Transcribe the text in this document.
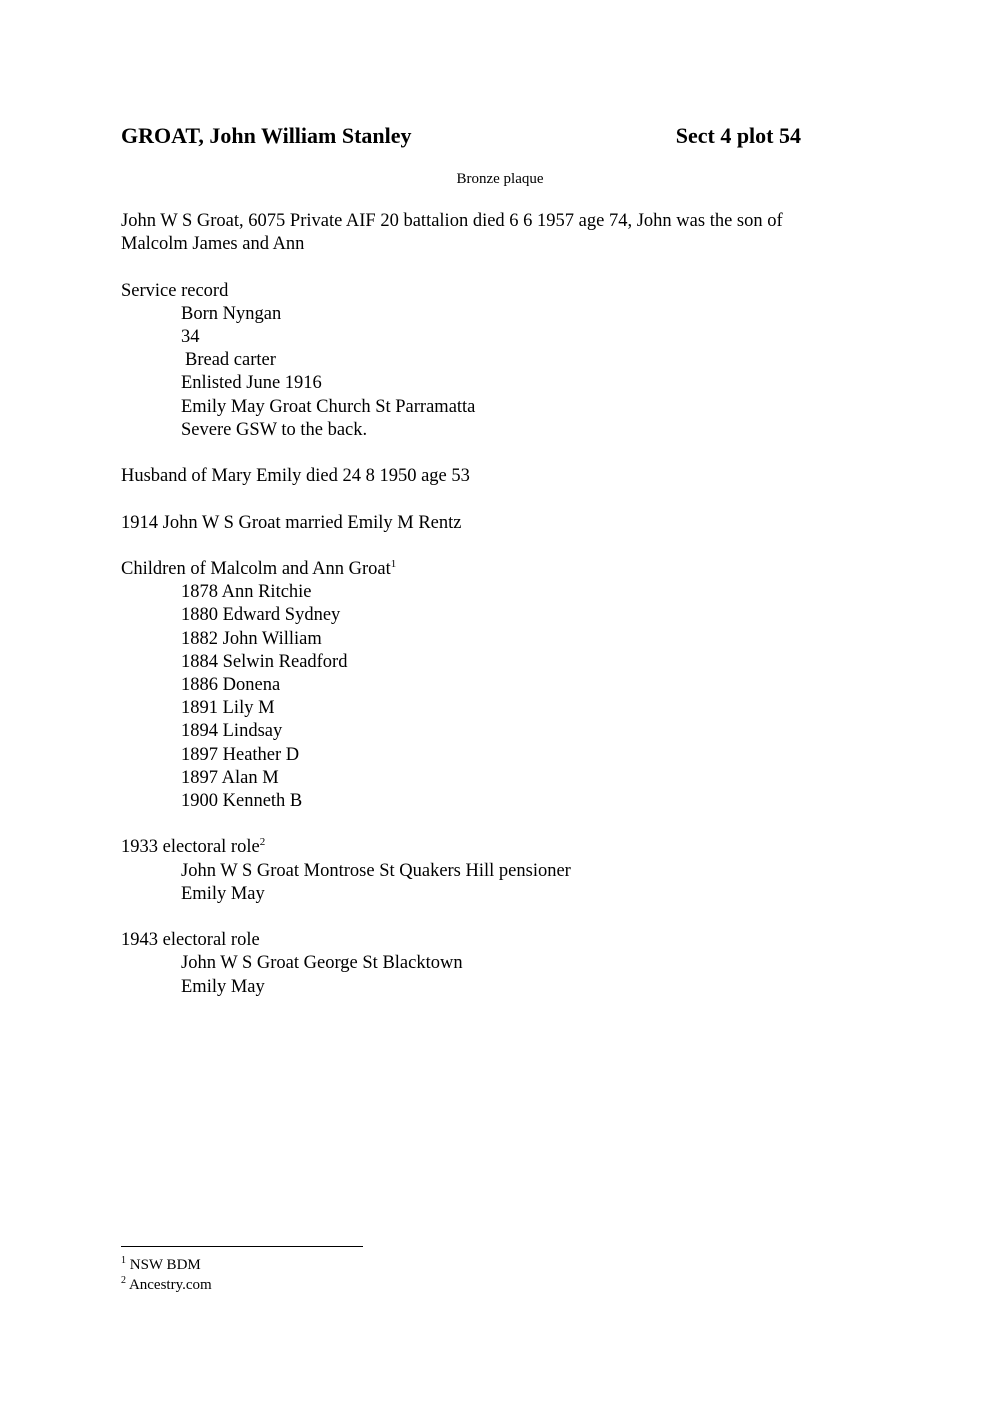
GROAT, John William Stanley	Sect 4 plot 54
Bronze plaque

John W S Groat, 6075 Private AIF 20 battalion died 6 6 1957 age 74, John was the son of
Malcolm James and Ann

Service record
Born Nyngan
34
Bread carter
Enlisted June 1916
Emily May Groat Church St Parramatta
Severe GSW to the back.

Husband of Mary Emily died 24 8 1950 age 53

1914 John W S Groat married Emily M Rentz

Children of Malcolm and Ann Groat$^1$
1878 Ann Ritchie
1880 Edward Sydney
1882 John William
1884 Selwin Readford
1886 Donena
1891 Lily M
1894 Lindsay
1897 Heather D
1897 Alan M
1900 Kenneth B
1933 electoral role$^2$
John W S Groat Montrose St Quakers Hill pensioner
Emily May
1943 electoral role
John W S Groat George St Blacktown
Emily May
$^1$ NSW BDM
$^2$ Ancestry.com
